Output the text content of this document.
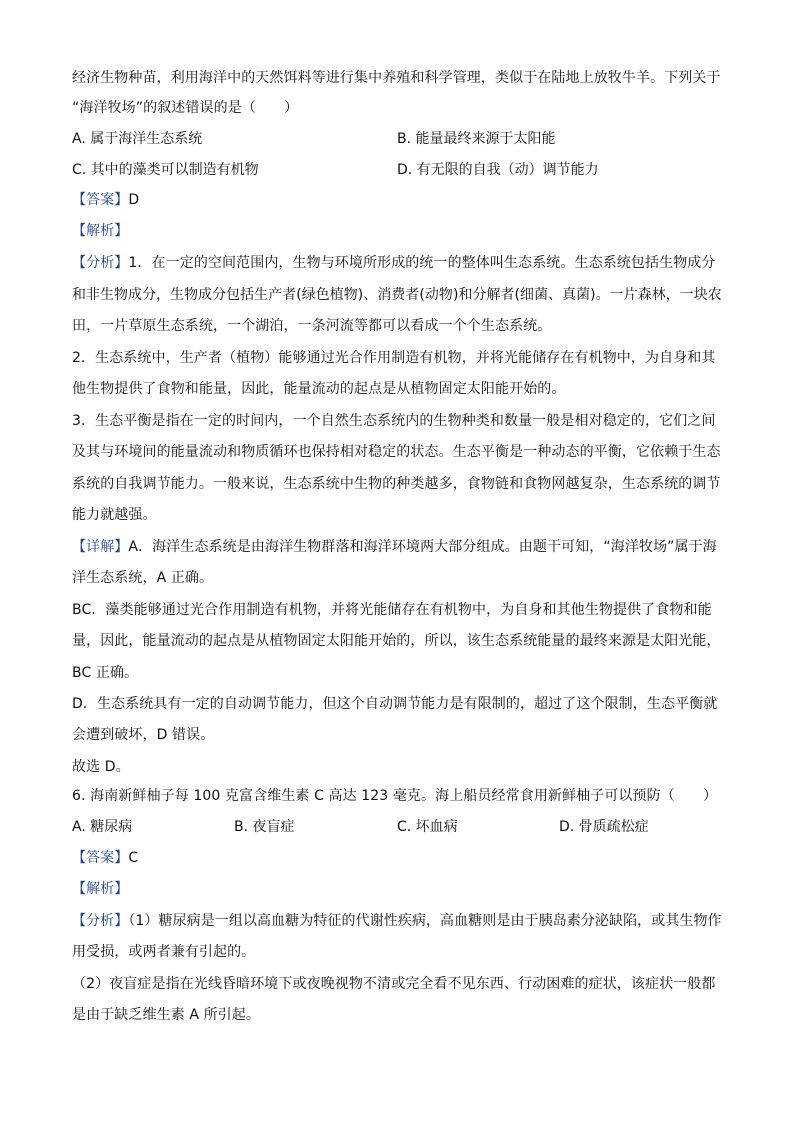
经济生物种苗，利用海洋中的天然饵料等进行集中养殖和科学管理，类似于在陆地上放牧牛羊。下列关于
“海洋牧场”的叙述错误的是（　　）
A. 属于海洋生态系统	B. 能量最终来源于太阳能
C. 其中的藻类可以制造有机物	D. 有无限的自我（动）调节能力
【答案】D
【解析】
【分析】1．在一定的空间范围内，生物与环境所形成的统一的整体叫生态系统。生态系统包括生物成分
和非生物成分，生物成分包括生产者(绿色植物)、消费者(动物)和分解者(细菌、真菌)。一片森林，一块农
田，一片草原生态系统，一个湖泊，一条河流等都可以看成一个个生态系统。
2．生态系统中，生产者（植物）能够通过光合作用制造有机物，并将光能储存在有机物中，为自身和其
他生物提供了食物和能量，因此，能量流动的起点是从植物固定太阳能开始的。
3．生态平衡是指在一定的时间内，一个自然生态系统内的生物种类和数量一般是相对稳定的，它们之间
及其与环境间的能量流动和物质循环也保持相对稳定的状态。生态平衡是一种动态的平衡，它依赖于生态
系统的自我调节能力。一般来说，生态系统中生物的种类越多，食物链和食物网越复杂，生态系统的调节
能力就越强。
【详解】A．海洋生态系统是由海洋生物群落和海洋环境两大部分组成。由题干可知，“海洋牧场”属于海
洋生态系统，A 正确。
BC．藻类能够通过光合作用制造有机物，并将光能储存在有机物中，为自身和其他生物提供了食物和能
量，因此，能量流动的起点是从植物固定太阳能开始的，所以，该生态系统能量的最终来源是太阳光能，
BC 正确。
D．生态系统具有一定的自动调节能力，但这个自动调节能力是有限制的，超过了这个限制，生态平衡就
会遭到破坏，D 错误。
故选 D。
6. 海南新鲜柚子每 100 克富含维生素 C 高达 123 毫克。海上船员经常食用新鲜柚子可以预防（　　）
A. 糖尿病	B. 夜盲症	C. 坏血病	D. 骨质疏松症
【答案】C
【解析】
【分析】（1）糖尿病是一组以高血糖为特征的代谢性疾病，高血糖则是由于胰岛素分泌缺陷，或其生物作
用受损，或两者兼有引起的。
（2）夜盲症是指在光线昏暗环境下或夜晚视物不清或完全看不见东西、行动困难的症状，该症状一般都
是由于缺乏维生素 A 所引起。
